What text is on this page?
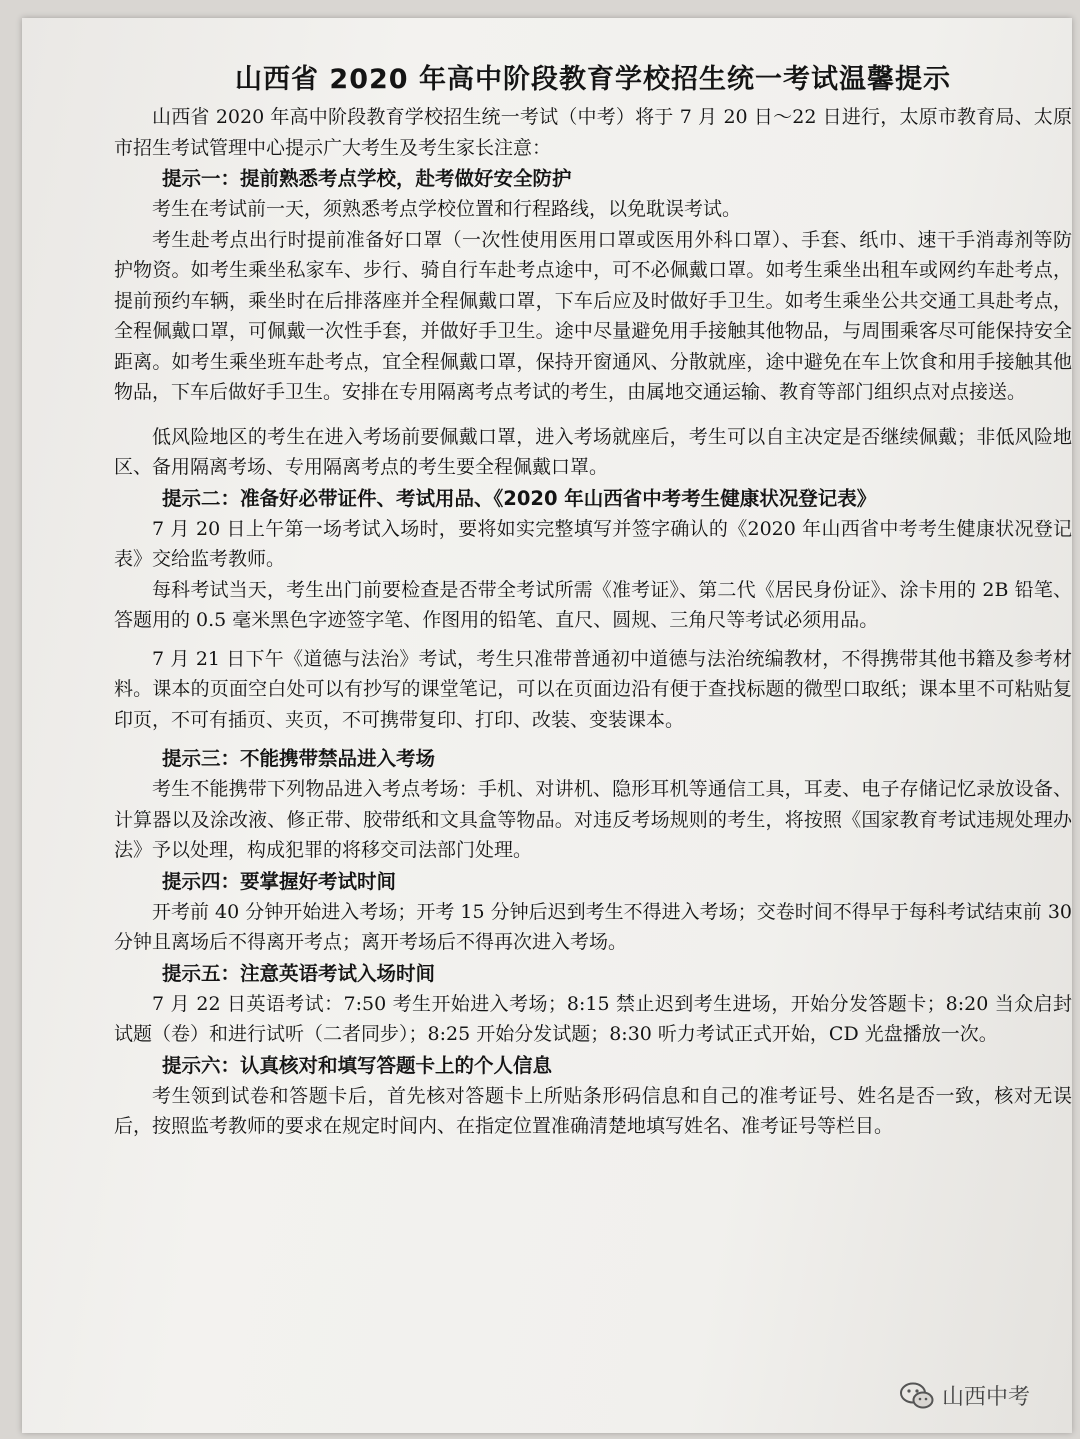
山西省 2020 年高中阶段教育学校招生统一考试温馨提示

山西省 2020 年高中阶段教育学校招生统一考试（中考）将于 7 月 20 日～22 日进行，太原市教育局、太原市招生考试管理中心提示广大考生及考生家长注意：

提示一：提前熟悉考点学校，赴考做好安全防护

考生在考试前一天，须熟悉考点学校位置和行程路线，以免耽误考试。

考生赴考点出行时提前准备好口罩（一次性使用医用口罩或医用外科口罩）、手套、纸巾、速干手消毒剂等防护物资。如考生乘坐私家车、步行、骑自行车赴考点途中，可不必佩戴口罩。如考生乘坐出租车或网约车赴考点，提前预约车辆，乘坐时在后排落座并全程佩戴口罩，下车后应及时做好手卫生。如考生乘坐公共交通工具赴考点，全程佩戴口罩，可佩戴一次性手套，并做好手卫生。途中尽量避免用手接触其他物品，与周围乘客尽可能保持安全距离。如考生乘坐班车赴考点，宜全程佩戴口罩，保持开窗通风、分散就座，途中避免在车上饮食和用手接触其他物品，下车后做好手卫生。安排在专用隔离考点考试的考生，由属地交通运输、教育等部门组织点对点接送。

低风险地区的考生在进入考场前要佩戴口罩，进入考场就座后，考生可以自主决定是否继续佩戴；非低风险地区、备用隔离考场、专用隔离考点的考生要全程佩戴口罩。

提示二：准备好必带证件、考试用品、《2020 年山西省中考考生健康状况登记表》

7 月 20 日上午第一场考试入场时，要将如实完整填写并签字确认的《2020 年山西省中考考生健康状况登记表》交给监考教师。

每科考试当天，考生出门前要检查是否带全考试所需《准考证》、第二代《居民身份证》、涂卡用的 2B 铅笔、答题用的 0.5 毫米黑色字迹签字笔、作图用的铅笔、直尺、圆规、三角尺等考试必须用品。

7 月 21 日下午《道德与法治》考试，考生只准带普通初中道德与法治统编教材，不得携带其他书籍及参考材料。课本的页面空白处可以有抄写的课堂笔记，可以在页面边沿有便于查找标题的微型口取纸；课本里不可粘贴复印页，不可有插页、夹页，不可携带复印、打印、改装、变装课本。

提示三：不能携带禁品进入考场

考生不能携带下列物品进入考点考场：手机、对讲机、隐形耳机等通信工具，耳麦、电子存储记忆录放设备、计算器以及涂改液、修正带、胶带纸和文具盒等物品。对违反考场规则的考生，将按照《国家教育考试违规处理办法》予以处理，构成犯罪的将移交司法部门处理。

提示四：要掌握好考试时间

开考前 40 分钟开始进入考场；开考 15 分钟后迟到考生不得进入考场；交卷时间不得早于每科考试结束前 30 分钟且离场后不得离开考点；离开考场后不得再次进入考场。

提示五：注意英语考试入场时间

7 月 22 日英语考试：7:50 考生开始进入考场；8:15 禁止迟到考生进场，开始分发答题卡；8:20 当众启封试题（卷）和进行试听（二者同步）；8:25 开始分发试题；8:30 听力考试正式开始，CD 光盘播放一次。

提示六：认真核对和填写答题卡上的个人信息

考生领到试卷和答题卡后，首先核对答题卡上所贴条形码信息和自己的准考证号、姓名是否一致，核对无误后，按照监考教师的要求在规定时间内、在指定位置准确清楚地填写姓名、准考证号等栏目。

山西中考
